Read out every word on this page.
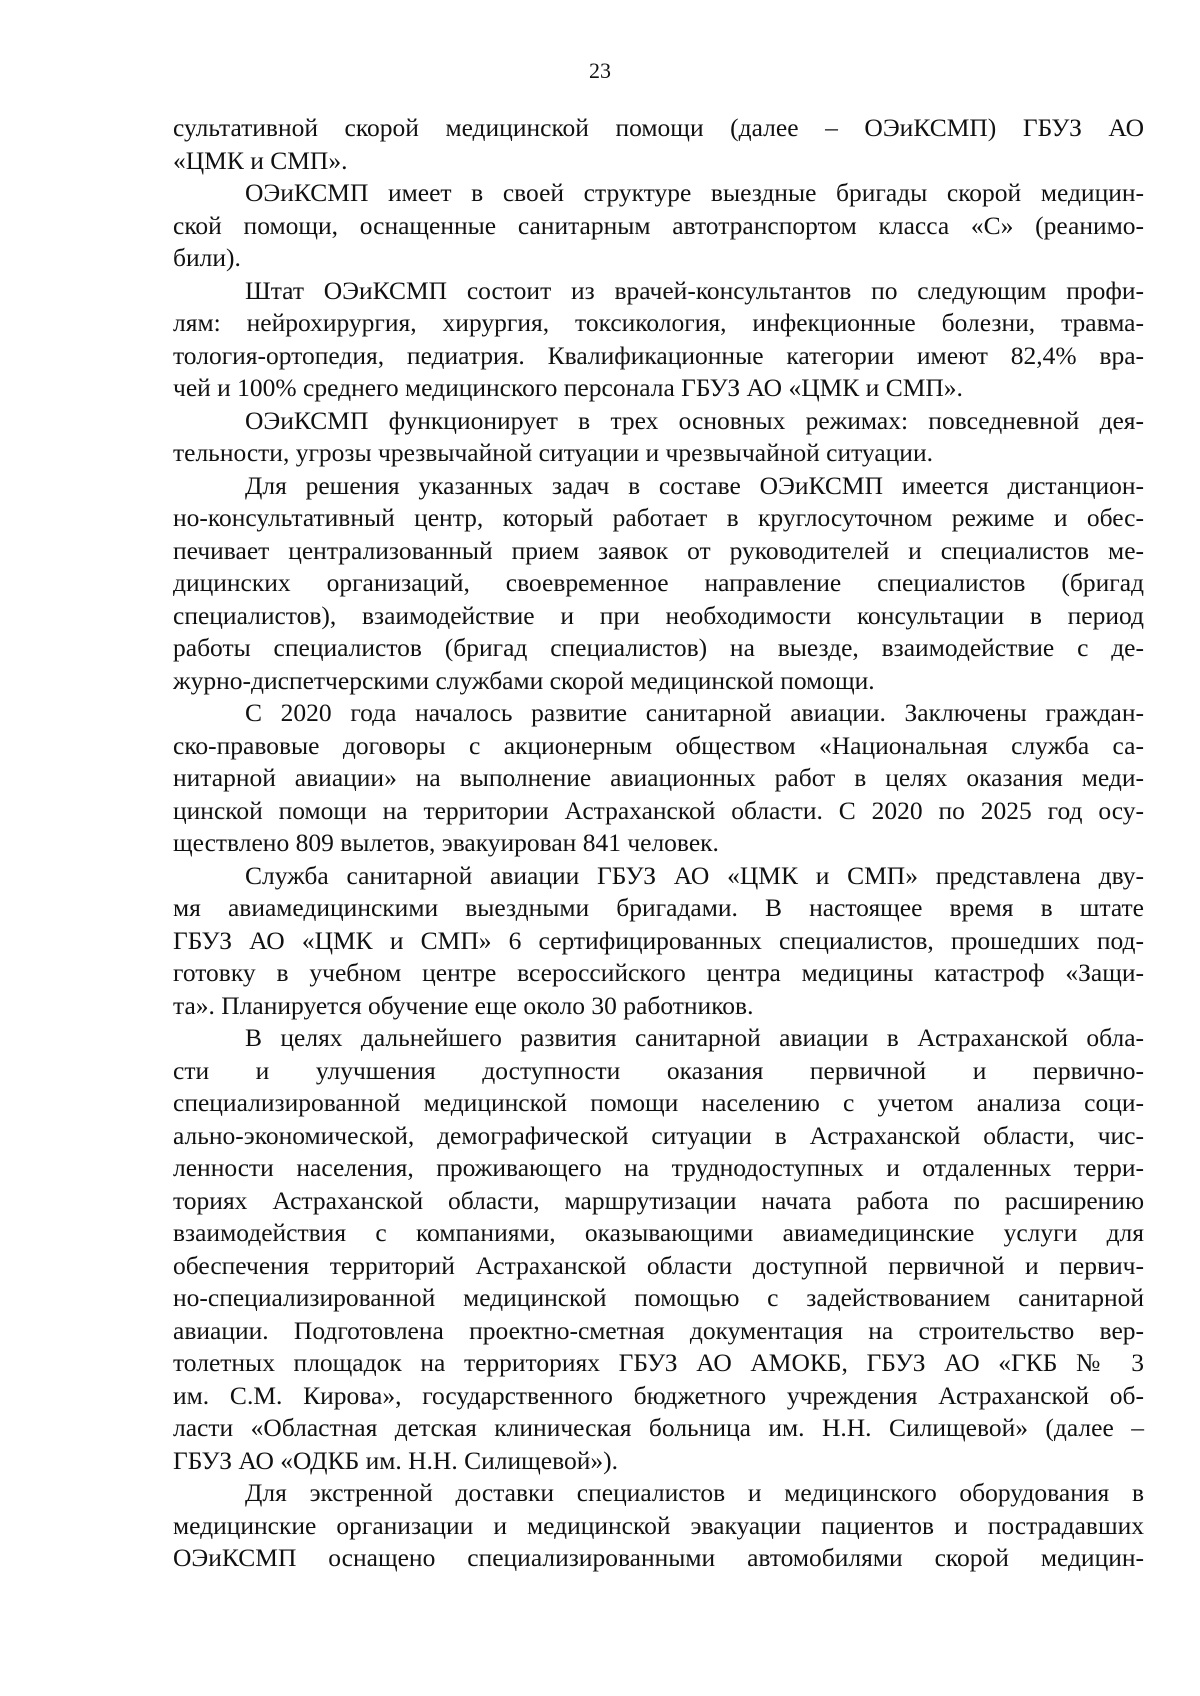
23
сультативной скорой медицинской помощи (далее – ОЭиКСМП) ГБУЗ АО
«ЦМК и СМП».
ОЭиКСМП имеет в своей структуре выездные бригады скорой медицин-
ской помощи, оснащенные санитарным автотранспортом класса «С» (реанимо-
били).
Штат ОЭиКСМП состоит из врачей-консультантов по следующим профи-
лям: нейрохирургия, хирургия, токсикология, инфекционные болезни, травма-
тология-ортопедия, педиатрия. Квалификационные категории имеют 82,4% вра-
чей и 100% среднего медицинского персонала ГБУЗ АО «ЦМК и СМП».
ОЭиКСМП функционирует в трех основных режимах: повседневной дея-
тельности, угрозы чрезвычайной ситуации и чрезвычайной ситуации.
Для решения указанных задач в составе ОЭиКСМП имеется дистанцион-
но-консультативный центр, который работает в круглосуточном режиме и обес-
печивает централизованный прием заявок от руководителей и специалистов ме-
дицинских организаций, своевременное направление специалистов (бригад
специалистов), взаимодействие и при необходимости консультации в период
работы специалистов (бригад специалистов) на выезде, взаимодействие с де-
журно-диспетчерскими службами скорой медицинской помощи.
С 2020 года началось развитие санитарной авиации. Заключены граждан-
ско-правовые договоры с акционерным обществом «Национальная служба са-
нитарной авиации» на выполнение авиационных работ в целях оказания меди-
цинской помощи на территории Астраханской области. С 2020 по 2025 год осу-
ществлено 809 вылетов, эвакуирован 841 человек.
Служба санитарной авиации ГБУЗ АО «ЦМК и СМП» представлена дву-
мя авиамедицинскими выездными бригадами. В настоящее время в штате
ГБУЗ АО «ЦМК и СМП» 6 сертифицированных специалистов, прошедших под-
готовку в учебном центре всероссийского центра медицины катастроф «Защи-
та». Планируется обучение еще около 30 работников.
В целях дальнейшего развития санитарной авиации в Астраханской обла-
сти и улучшения доступности оказания первичной и первично-
специализированной медицинской помощи населению с учетом анализа соци-
ально-экономической, демографической ситуации в Астраханской области, чис-
ленности населения, проживающего на труднодоступных и отдаленных терри-
ториях Астраханской области, маршрутизации начата работа по расширению
взаимодействия с компаниями, оказывающими авиамедицинские услуги для
обеспечения территорий Астраханской области доступной первичной и первич-
но-специализированной медицинской помощью с задействованием санитарной
авиации. Подготовлена проектно-сметная документация на строительство вер-
толетных площадок на территориях ГБУЗ АО АМОКБ, ГБУЗ АО «ГКБ № 3
им. С.М. Кирова», государственного бюджетного учреждения Астраханской об-
ласти «Областная детская клиническая больница им. Н.Н. Силищевой» (далее –
ГБУЗ АО «ОДКБ им. Н.Н. Силищевой»).
Для экстренной доставки специалистов и медицинского оборудования в
медицинские организации и медицинской эвакуации пациентов и пострадавших
ОЭиКСМП оснащено специализированными автомобилями скорой медицин-
